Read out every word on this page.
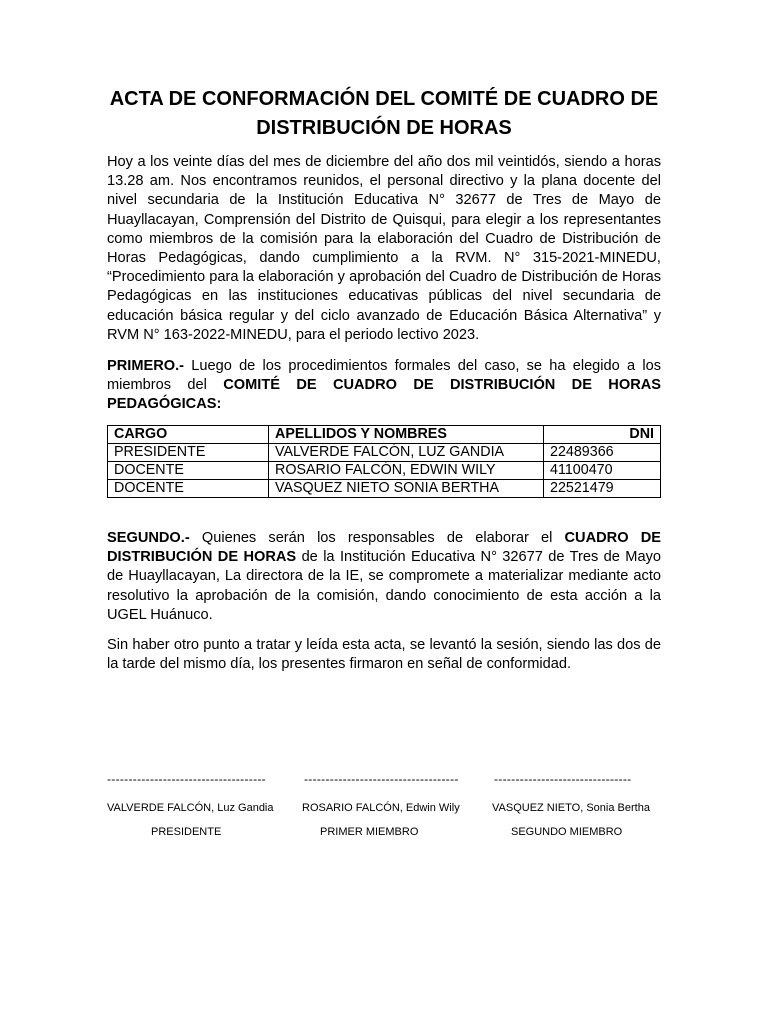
ACTA DE CONFORMACIÓN DEL COMITÉ DE CUADRO DE
DISTRIBUCIÓN DE HORAS

Hoy a los veinte días del mes de diciembre del año dos mil veintidós, siendo a horas 13.28 am. Nos encontramos reunidos, el personal directivo y la plana docente del nivel secundaria de la Institución Educativa N° 32677 de Tres de Mayo de Huayllacayan, Comprensión del Distrito de Quisqui, para elegir a los representantes como miembros de la comisión para la elaboración del Cuadro de Distribución de Horas Pedagógicas, dando cumplimiento a la RVM. N° 315-2021-MINEDU, “Procedimiento para la elaboración y aprobación del Cuadro de Distribución de Horas Pedagógicas en las instituciones educativas públicas del nivel secundaria de educación básica regular y del ciclo avanzado de Educación Básica Alternativa” y RVM N° 163-2022-MINEDU, para el periodo lectivo 2023.

PRIMERO.- Luego de los procedimientos formales del caso, se ha elegido a los miembros del COMITÉ DE CUADRO DE DISTRIBUCIÓN DE HORAS PEDAGÓGICAS:

CARGO	APELLIDOS Y NOMBRES	DNI
PRESIDENTE	VALVERDE FALCÓN, LUZ GANDIA	22489366
DOCENTE	ROSARIO FALCÓN, EDWIN WILY	41100470
DOCENTE	VASQUEZ NIETO SONIA BERTHA	22521479

SEGUNDO.- Quienes serán los responsables de elaborar el CUADRO DE DISTRIBUCIÓN DE HORAS de la Institución Educativa N° 32677 de Tres de Mayo de Huayllacayan, La directora de la IE, se compromete a materializar mediante acto resolutivo la aprobación de la comisión, dando conocimiento de esta acción a la UGEL Huánuco.

Sin haber otro punto a tratar y leída esta acta, se levantó la sesión, siendo las dos de la tarde del mismo día, los presentes firmaron en señal de conformidad.

-------------------------------------	------------------------------------	--------------------------------
VALVERDE FALCÓN, Luz Gandia	ROSARIO FALCÓN, Edwin Wily	VASQUEZ NIETO, Sonia Bertha
PRESIDENTE	PRIMER MIEMBRO	SEGUNDO MIEMBRO
